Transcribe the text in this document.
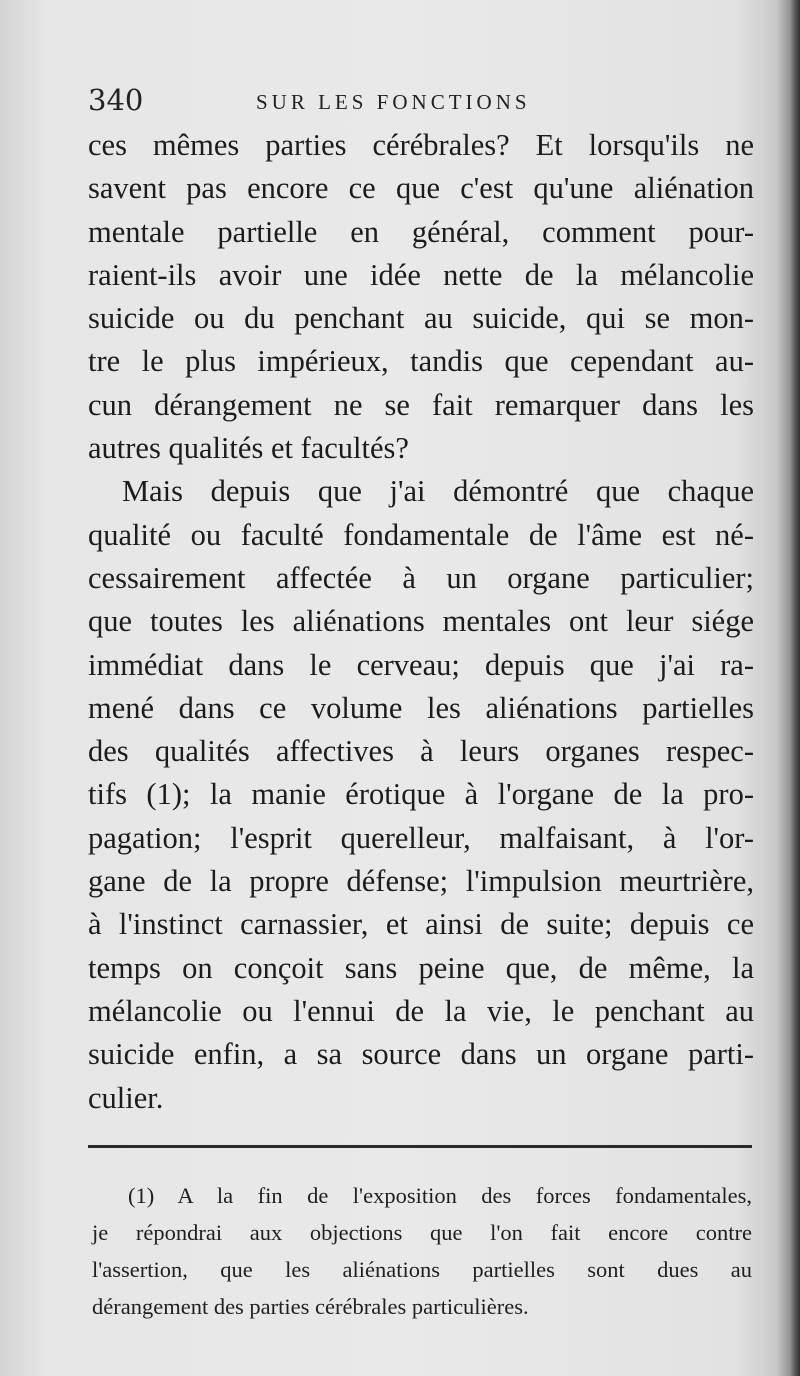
340	SUR LES FONCTIONS

ces mêmes parties cérébrales? Et lorsqu'ils ne
savent pas encore ce que c'est qu'une aliénation
mentale partielle en général, comment pour-
raient-ils avoir une idée nette de la mélancolie
suicide ou du penchant au suicide, qui se mon-
tre le plus impérieux, tandis que cependant au-
cun dérangement ne se fait remarquer dans les
autres qualités et facultés?

Mais depuis que j'ai démontré que chaque
qualité ou faculté fondamentale de l'âme est né-
cessairement affectée à un organe particulier;
que toutes les aliénations mentales ont leur siége
immédiat dans le cerveau; depuis que j'ai ra-
mené dans ce volume les aliénations partielles
des qualités affectives à leurs organes respec-
tifs (1); la manie érotique à l'organe de la pro-
pagation; l'esprit querelleur, malfaisant, à l'or-
gane de la propre défense; l'impulsion meurtrière,
à l'instinct carnassier, et ainsi de suite; depuis ce
temps on conçoit sans peine que, de même, la
mélancolie ou l'ennui de la vie, le penchant au
suicide enfin, a sa source dans un organe parti-
culier.

(1) A la fin de l'exposition des forces fondamentales,
je répondrai aux objections que l'on fait encore contre
l'assertion, que les aliénations partielles sont dues au
dérangement des parties cérébrales particulières.
